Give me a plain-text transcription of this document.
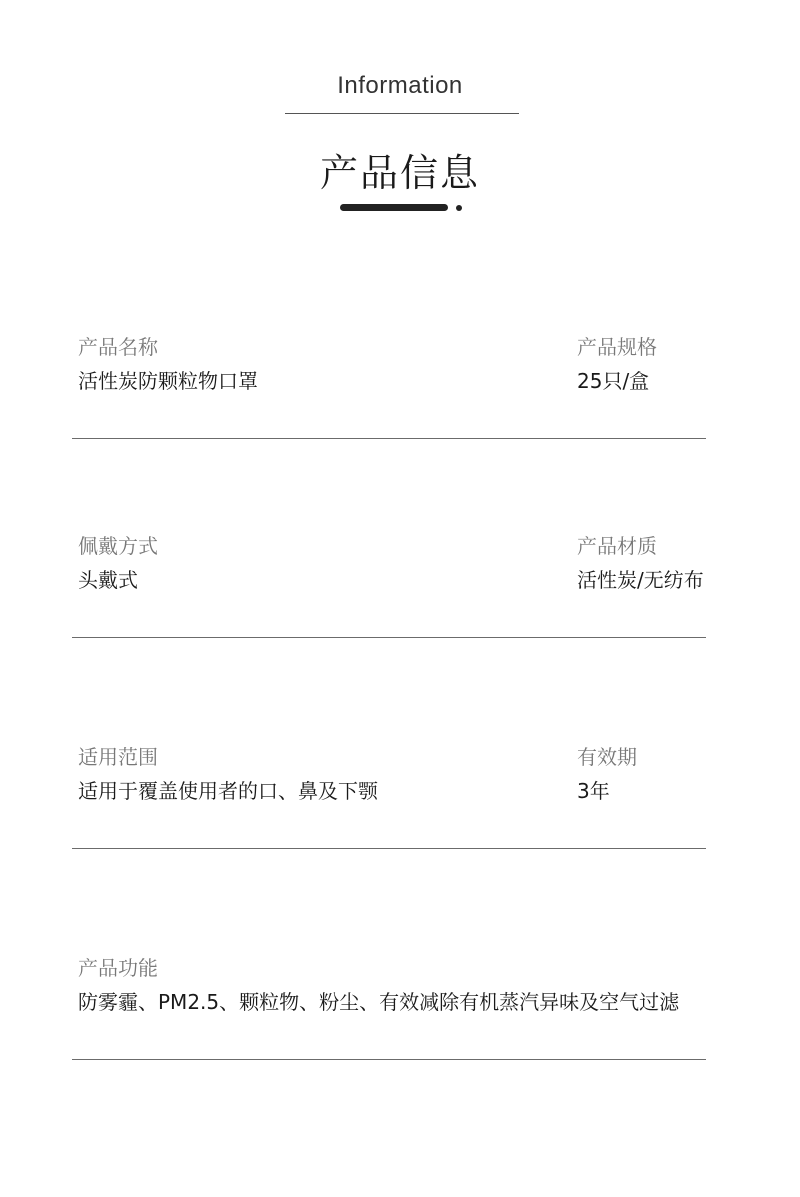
Information
产品信息
产品名称
活性炭防颗粒物口罩
产品规格
25只/盒
佩戴方式
头戴式
产品材质
活性炭/无纺布
适用范围
适用于覆盖使用者的口、鼻及下颚
有效期
3年
产品功能
防雾霾、PM2.5、颗粒物、粉尘、有效减除有机蒸汽异味及空气过滤
